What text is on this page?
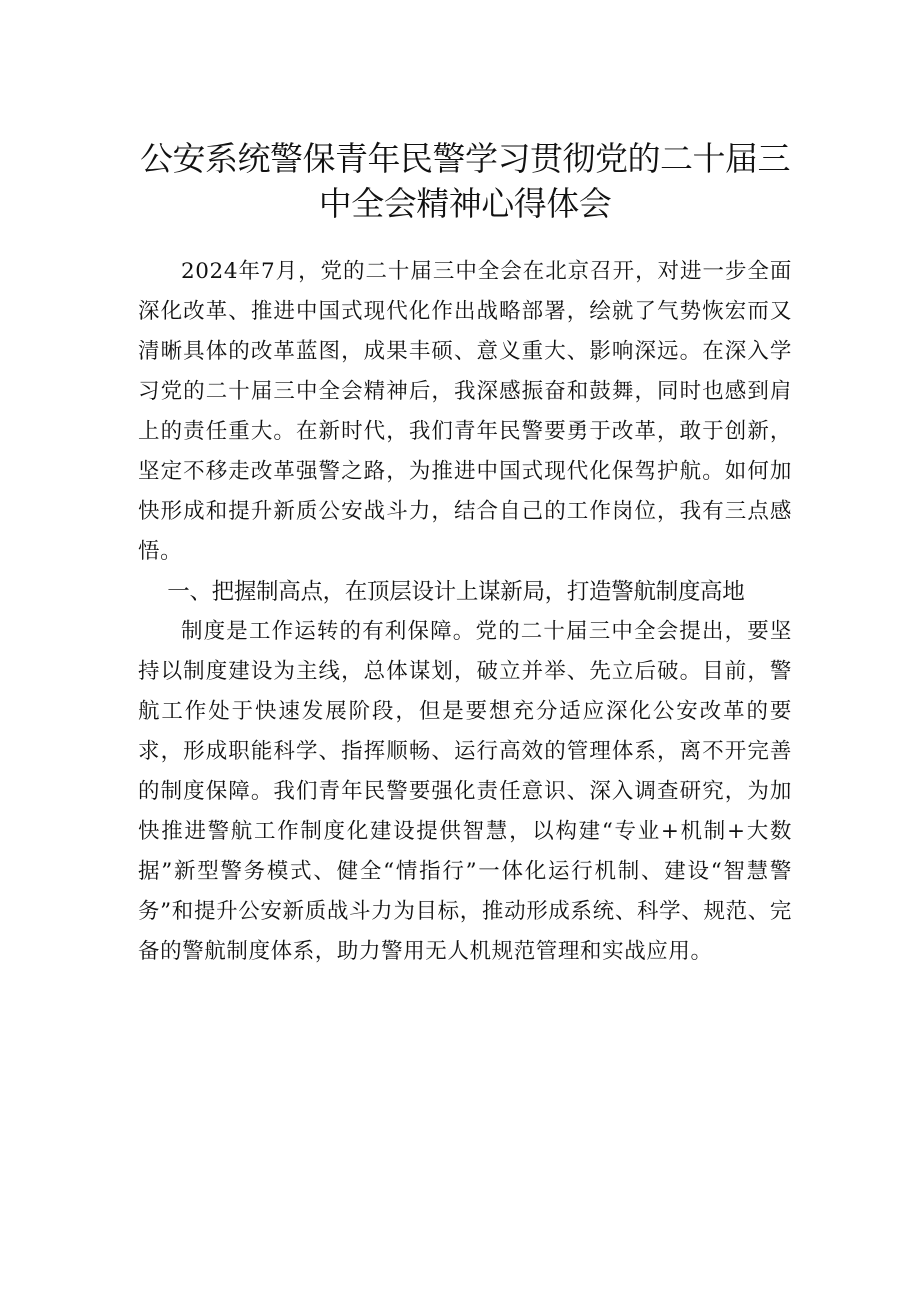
公安系统警保青年民警学习贯彻党的二十届三
中全会精神心得体会

2024年7月，党的二十届三中全会在北京召开，对进一步全面深化改革、推进中国式现代化作出战略部署，绘就了气势恢宏而又清晰具体的改革蓝图，成果丰硕、意义重大、影响深远。在深入学习党的二十届三中全会精神后，我深感振奋和鼓舞，同时也感到肩上的责任重大。在新时代，我们青年民警要勇于改革，敢于创新，坚定不移走改革强警之路，为推进中国式现代化保驾护航。如何加快形成和提升新质公安战斗力，结合自己的工作岗位，我有三点感悟。

一、把握制高点，在顶层设计上谋新局，打造警航制度高地

制度是工作运转的有利保障。党的二十届三中全会提出，要坚持以制度建设为主线，总体谋划，破立并举、先立后破。目前，警航工作处于快速发展阶段，但是要想充分适应深化公安改革的要求，形成职能科学、指挥顺畅、运行高效的管理体系，离不开完善的制度保障。我们青年民警要强化责任意识、深入调查研究，为加快推进警航工作制度化建设提供智慧，以构建“专业+机制+大数据”新型警务模式、健全“情指行”一体化运行机制、建设“智慧警务”和提升公安新质战斗力为目标，推动形成系统、科学、规范、完备的警航制度体系，助力警用无人机规范管理和实战应用。
